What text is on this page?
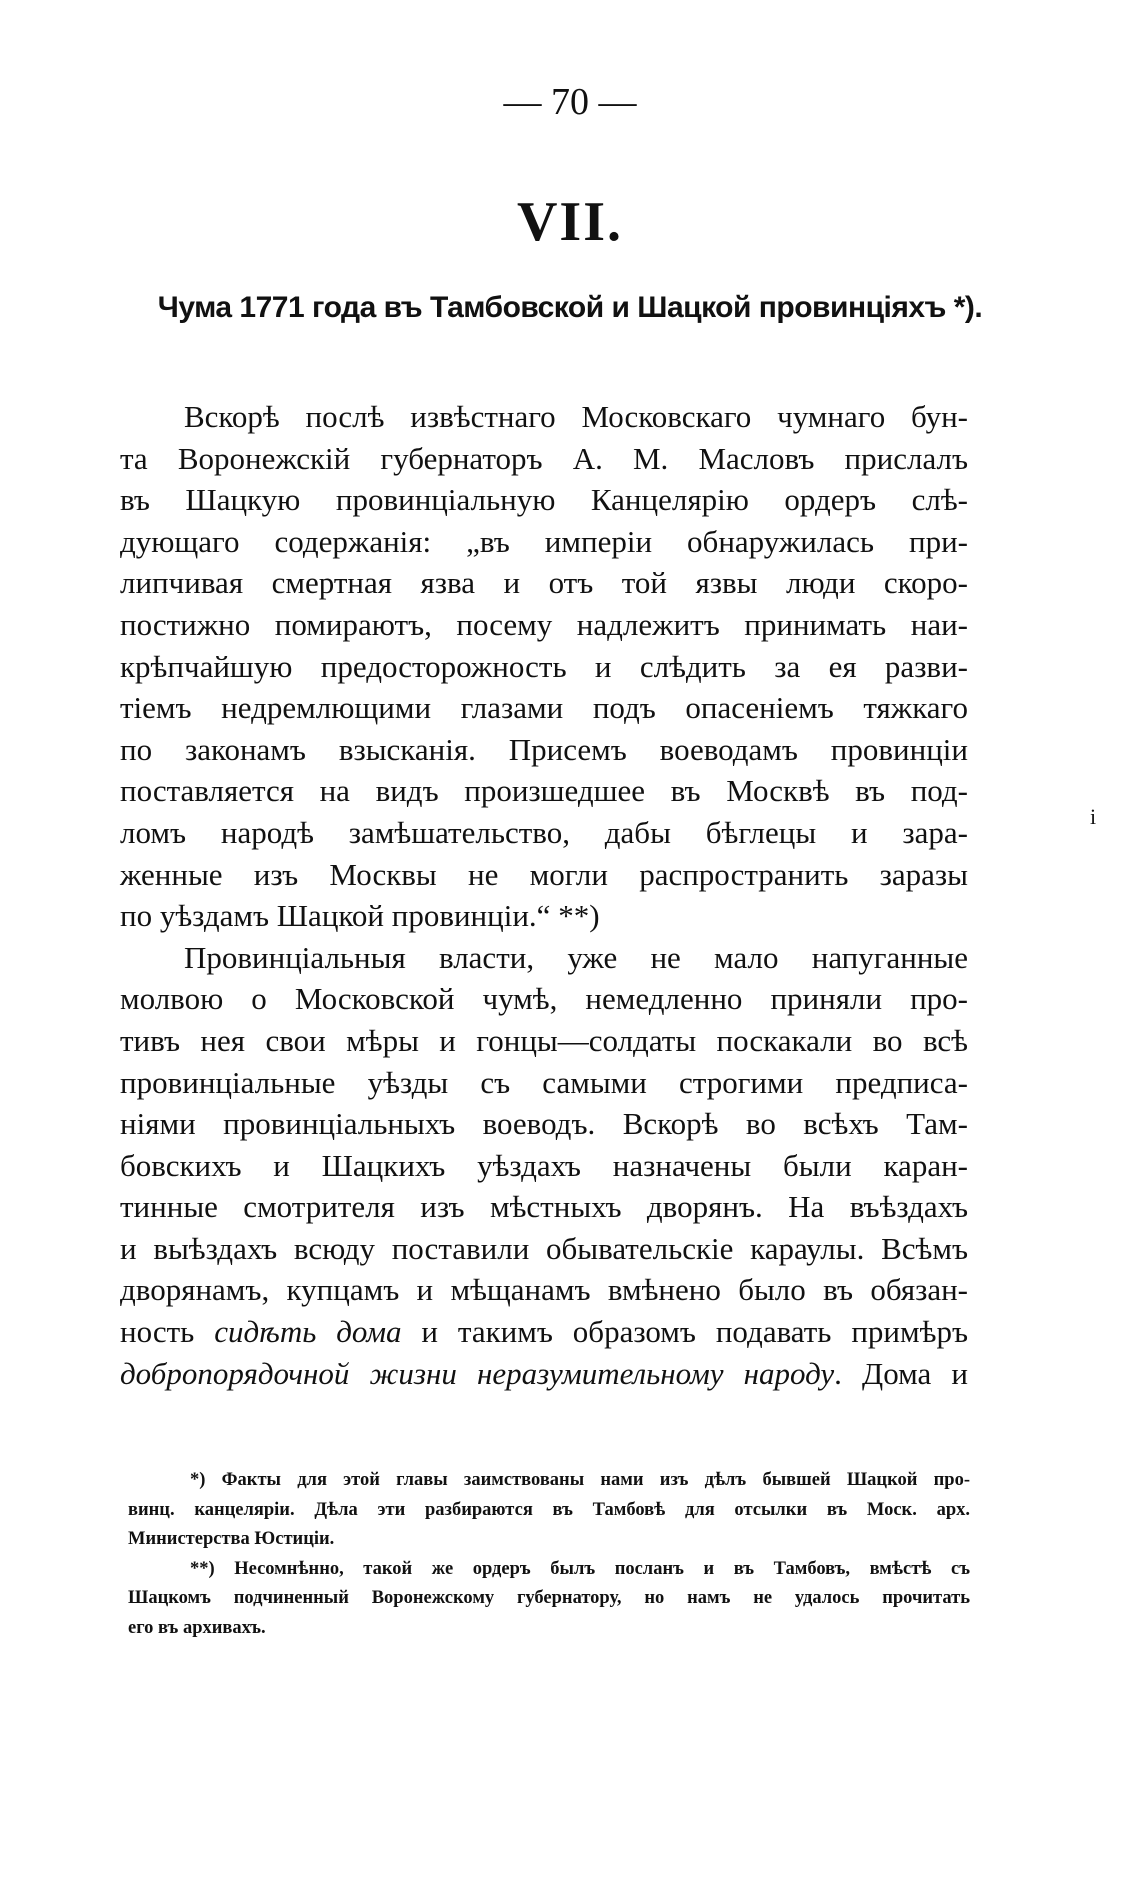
— 70 —
VII.
Чума 1771 года въ Тамбовской и Шацкой провинціяхъ *).
Вскорѣ послѣ извѣстнаго Московскаго чумнаго бун-
та Воронежскій губернаторъ А. М. Масловъ прислалъ
въ Шацкую провинціальную Канцелярію ордеръ слѣ-
дующаго содержанія: „въ имперіи обнаружилась при-
липчивая смертная язва и отъ той язвы люди скоро-
постижно помираютъ, посему надлежитъ принимать наи-
крѣпчайшую предосторожность и слѣдить за ея разви-
тіемъ недремлющими глазами подъ опасеніемъ тяжкаго
по законамъ взысканія. Присемъ воеводамъ провинціи
поставляется на видъ произшедшее въ Москвѣ въ под-
ломъ народѣ замѣшательство, дабы бѣглецы и зара-
женные изъ Москвы не могли распространить заразы
по уѣздамъ Шацкой провинціи.“ **)
Провинціальныя власти, уже не мало напуганные
молвою о Московской чумѣ, немедленно приняли про-
тивъ нея свои мѣры и гонцы—солдаты поскакали во всѣ
провинціальные уѣзды съ самыми строгими предписа-
ніями провинціальныхъ воеводъ. Вскорѣ во всѣхъ Там-
бовскихъ и Шацкихъ уѣздахъ назначены были каран-
тинные смотрителя изъ мѣстныхъ дворянъ. На въѣздахъ
и выѣздахъ всюду поставили обывательскіе караулы. Всѣмъ
дворянамъ, купцамъ и мѣщанамъ вмѣнено было въ обязан-
ность сидѣть дома и такимъ образомъ подавать примѣръ
добропорядочной жизни неразумительному народу. Дома и
*) Факты для этой главы заимствованы нами изъ дѣлъ бывшей Шацкой про-
винц. канцеляріи. Дѣла эти разбираются въ Тамбовѣ для отсылки въ Моск. арх.
Министерства Юстиціи.
**) Несомнѣнно, такой же ордеръ былъ посланъ и въ Тамбовъ, вмѣстѣ съ
Шацкомъ подчиненный Воронежскому губернатору, но намъ не удалось прочитать
его въ архивахъ.
і
